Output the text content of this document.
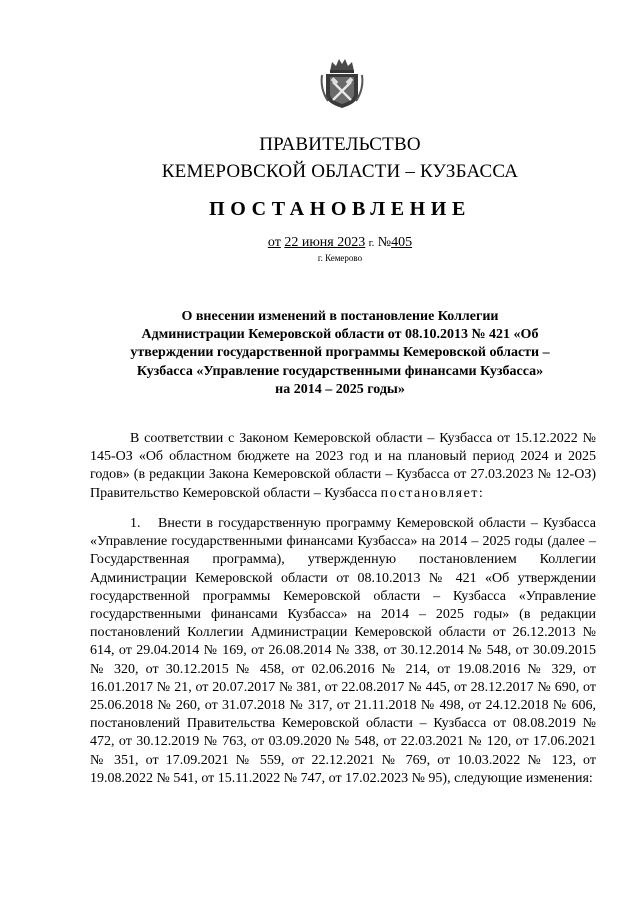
ПРАВИТЕЛЬСТВО
КЕМЕРОВСКОЙ ОБЛАСТИ – КУЗБАССА
ПОСТАНОВЛЕНИЕ
от 22 июня 2023 г. №405
г. Кемерово
О внесении изменений в постановление Коллегии Администрации Кемеровской области от 08.10.2013 № 421 «Об утверждении государственной программы Кемеровской области – Кузбасса «Управление государственными финансами Кузбасса» на 2014 – 2025 годы»
В соответствии с Законом Кемеровской области – Кузбасса от 15.12.2022 № 145-ОЗ «Об областном бюджете на 2023 год и на плановый период 2024 и 2025 годов» (в редакции Закона Кемеровской области – Кузбасса от 27.03.2023 № 12-ОЗ) Правительство Кемеровской области – Кузбасса постановляет:
1. Внести в государственную программу Кемеровской области – Кузбасса «Управление государственными финансами Кузбасса» на 2014 – 2025 годы (далее – Государственная программа), утвержденную постановлением Коллегии Администрации Кемеровской области от 08.10.2013 № 421 «Об утверждении государственной программы Кемеровской области – Кузбасса «Управление государственными финансами Кузбасса» на 2014 – 2025 годы» (в редакции постановлений Коллегии Администрации Кемеровской области от 26.12.2013 № 614, от 29.04.2014 № 169, от 26.08.2014 № 338, от 30.12.2014 № 548, от 30.09.2015 № 320, от 30.12.2015 № 458, от 02.06.2016 № 214, от 19.08.2016 № 329, от 16.01.2017 № 21, от 20.07.2017 № 381, от 22.08.2017 № 445, от 28.12.2017 № 690, от 25.06.2018 № 260, от 31.07.2018 № 317, от 21.11.2018 № 498, от 24.12.2018 № 606, постановлений Правительства Кемеровской области – Кузбасса от 08.08.2019 № 472, от 30.12.2019 № 763, от 03.09.2020 № 548, от 22.03.2021 № 120, от 17.06.2021 № 351, от 17.09.2021 № 559, от 22.12.2021 № 769, от 10.03.2022 № 123, от 19.08.2022 № 541, от 15.11.2022 № 747, от 17.02.2023 № 95), следующие изменения:
